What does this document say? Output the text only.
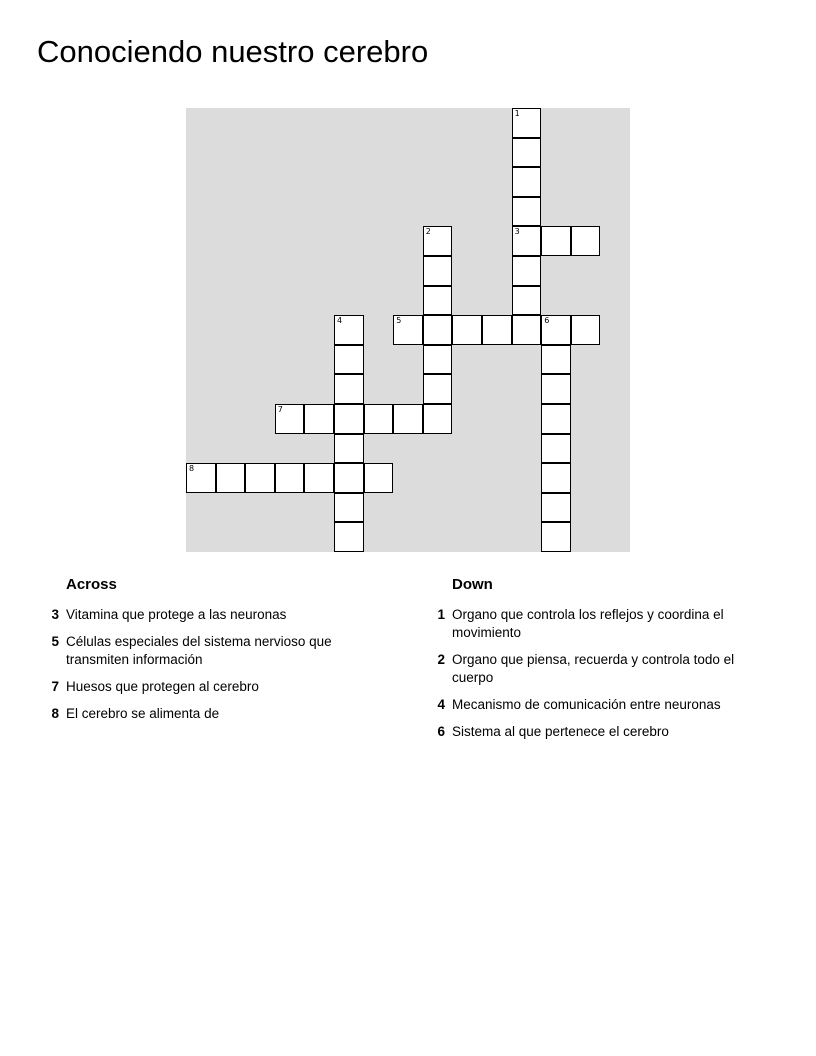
Conociendo nuestro cerebro
1
2	3
4	5	6
7
8
Across
3 Vitamina que protege a las neuronas
5 Células especiales del sistema nervioso que transmiten información
7 Huesos que protegen al cerebro
8 El cerebro se alimenta de
Down
1 Organo que controla los reflejos y coordina el movimiento
2 Organo que piensa, recuerda y controla todo el cuerpo
4 Mecanismo de comunicación entre neuronas
6 Sistema al que pertenece el cerebro
